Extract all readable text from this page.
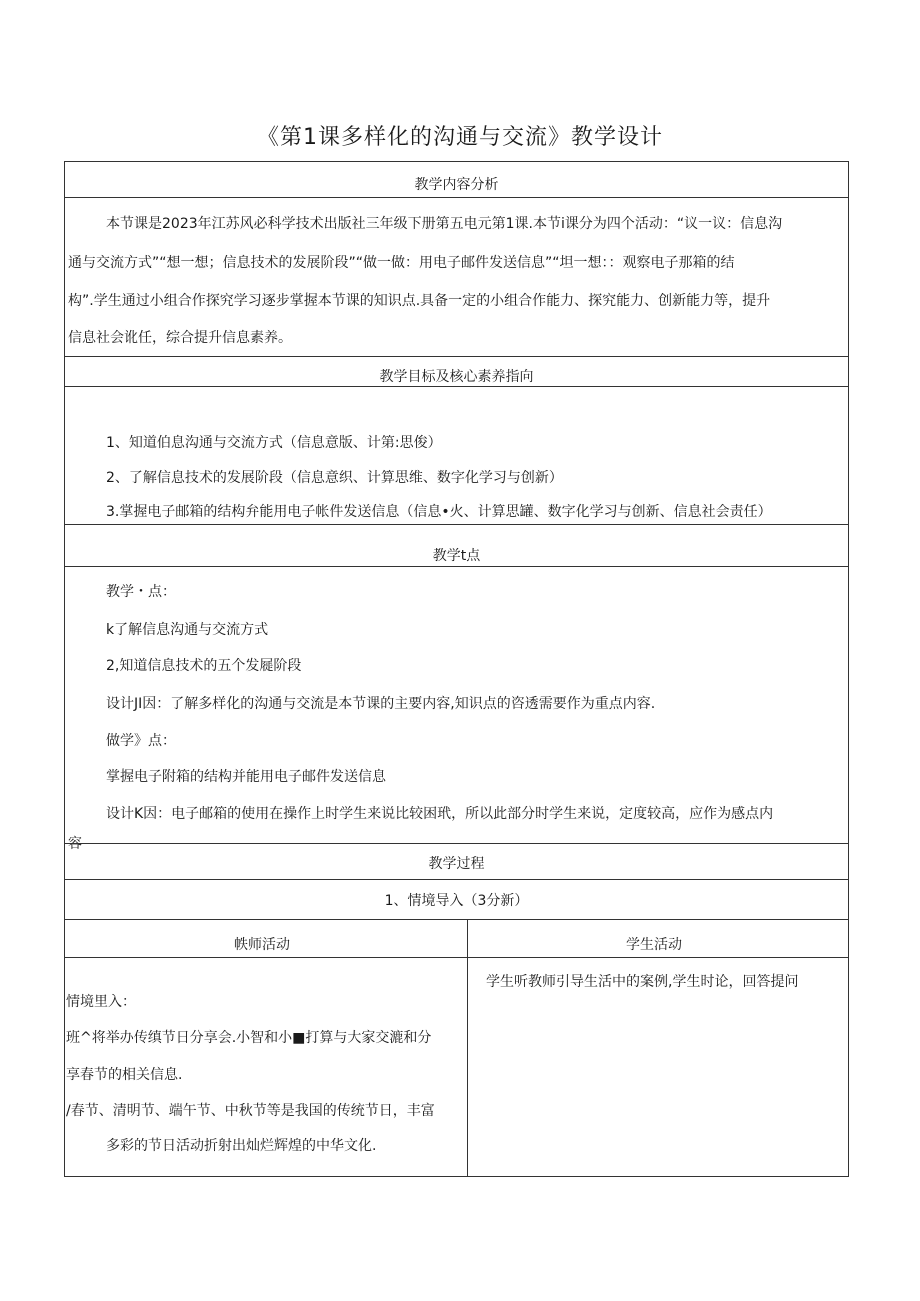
《第1课多样化的沟通与交流》教学设计
教学内容分析
本节课是2023年江苏风必科学技术出版社三年级下册第五电元第1课.本节i课分为四个活动：“议一议：信息沟
通与交流方式”“想一想；信息技术的发展阶段”“做一做：用电子邮件发送信息”“坦一想：：观察电子那箱的结
构”.学生通过小组合作探究学习逐步掌握本节课的知识点.具备一定的小组合作能力、探究能力、创新能力等，提升
信息社会讹任，综合提升信息素养。
教学目标及核心素养指向
1、知道伯息沟通与交流方式（信息意版、计第:思俊）
2、了解信息技术的发展阶段（信息意织、计算思维、数字化学习与创新）
3.掌握电子邮箱的结构弁能用电子帐件发送信息（信息•火、计算思罐、数字化学习与创新、信息社会责任）
教学t点
教学・点：
k了解信息沟通与交流方式
2,知道信息技术的五个发屣阶段
设计JI因：了解多样化的沟通与交流是本节课的主要内容,知识点的咨透需要作为重点内容.
做学》点：
掌握电子附箱的结构并能用电子邮件发送信息
设计K因：电子邮箱的使用在操作上时学生来说比较困玳，所以此部分时学生来说，定度较高，应作为感点内
容
教学过程
1、情境导入（3分新）
帙师活动	学生活动
情境里入：
班^将举办传缜节日分享会.小智和小■打算与大家交漉和分
享春节的相关信息.
/春节、清明节、端午节、中秋节等是我国的传统节日，丰富
多彩的节日活动折射出灿烂辉煌的中华文化.
学生听教师引导生活中的案例,学生时论，回答提问
